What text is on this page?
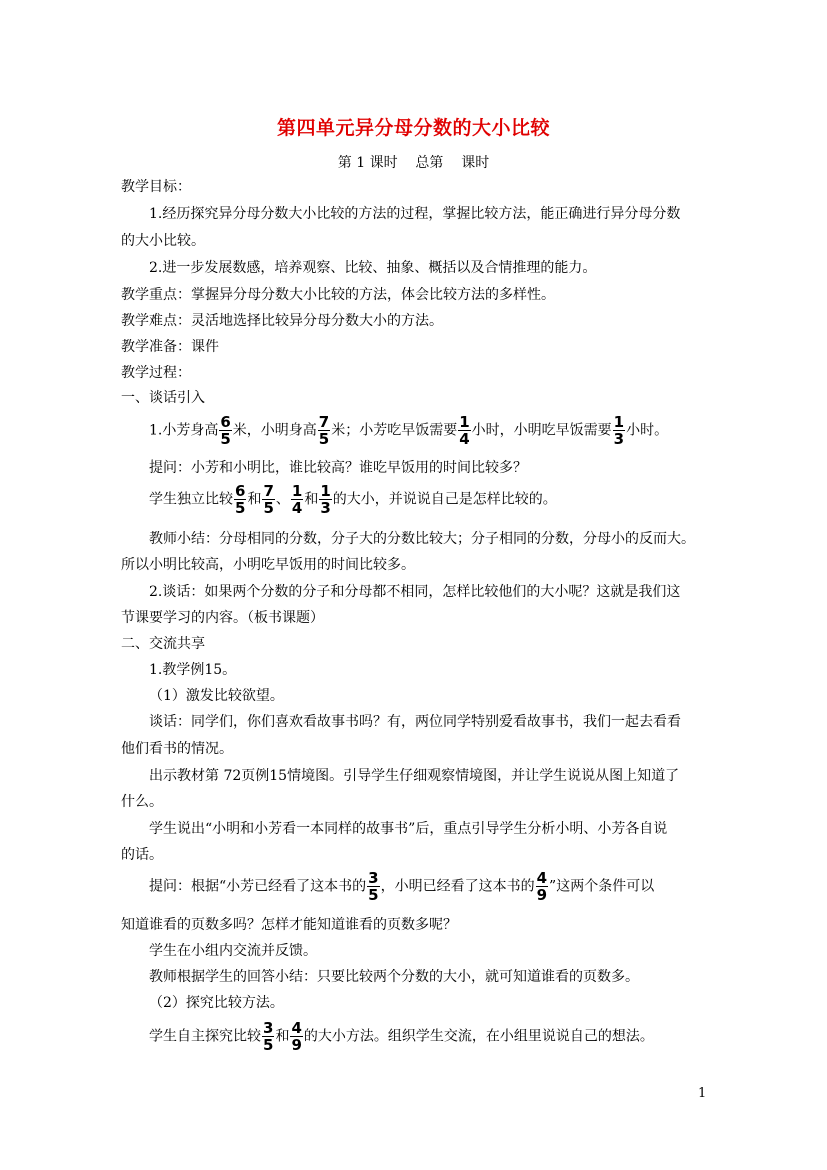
第四单元异分母分数的大小比较
第 1 课时    总第    课时
教学目标：
1.经历探究异分母分数大小比较的方法的过程，掌握比较方法，能正确进行异分母分数
的大小比较。
2.进一步发展数感，培养观察、比较、抽象、概括以及合情推理的能力。
教学重点：掌握异分母分数大小比较的方法，体会比较方法的多样性。
教学难点：灵活地选择比较异分母分数大小的方法。
教学准备：课件
教学过程：
一、谈话引入
1.小芳身高 $\frac{6}{5}$ 米，小明身高 $\frac{7}{5}$ 米；小芳吃早饭需要 $\frac{1}{4}$ 小时，小明吃早饭需要 $\frac{1}{3}$ 小时。
提问：小芳和小明比，谁比较高？谁吃早饭用的时间比较多？
学生独立比较 $\frac{6}{5}$ 和 $\frac{7}{5}$ 、 $\frac{1}{4}$ 和 $\frac{1}{3}$ 的大小，并说说自己是怎样比较的。
教师小结：分母相同的分数，分子大的分数比较大；分子相同的分数，分母小的反而大。
所以小明比较高，小明吃早饭用的时间比较多。
2.谈话：如果两个分数的分子和分母都不相同，怎样比较他们的大小呢？这就是我们这
节课要学习的内容。（板书课题）
二、交流共享
1.教学例15。
（1）激发比较欲望。
谈话：同学们，你们喜欢看故事书吗？有，两位同学特别爱看故事书，我们一起去看看
他们看书的情况。
出示教材第 72页例15情境图。引导学生仔细观察情境图，并让学生说说从图上知道了
什么。
学生说出“小明和小芳看一本同样的故事书”后，重点引导学生分析小明、小芳各自说
的话。
提问：根据“小芳已经看了这本书的 $\frac{3}{5}$ ，小明已经看了这本书的 $\frac{4}{9}$ ”这两个条件可以
知道谁看的页数多吗？怎样才能知道谁看的页数多呢？
学生在小组内交流并反馈。
教师根据学生的回答小结：只要比较两个分数的大小，就可知道谁看的页数多。
（2）探究比较方法。
学生自主探究比较 $\frac{3}{5}$ 和 $\frac{4}{9}$ 的大小方法。组织学生交流，在小组里说说自己的想法。
1
